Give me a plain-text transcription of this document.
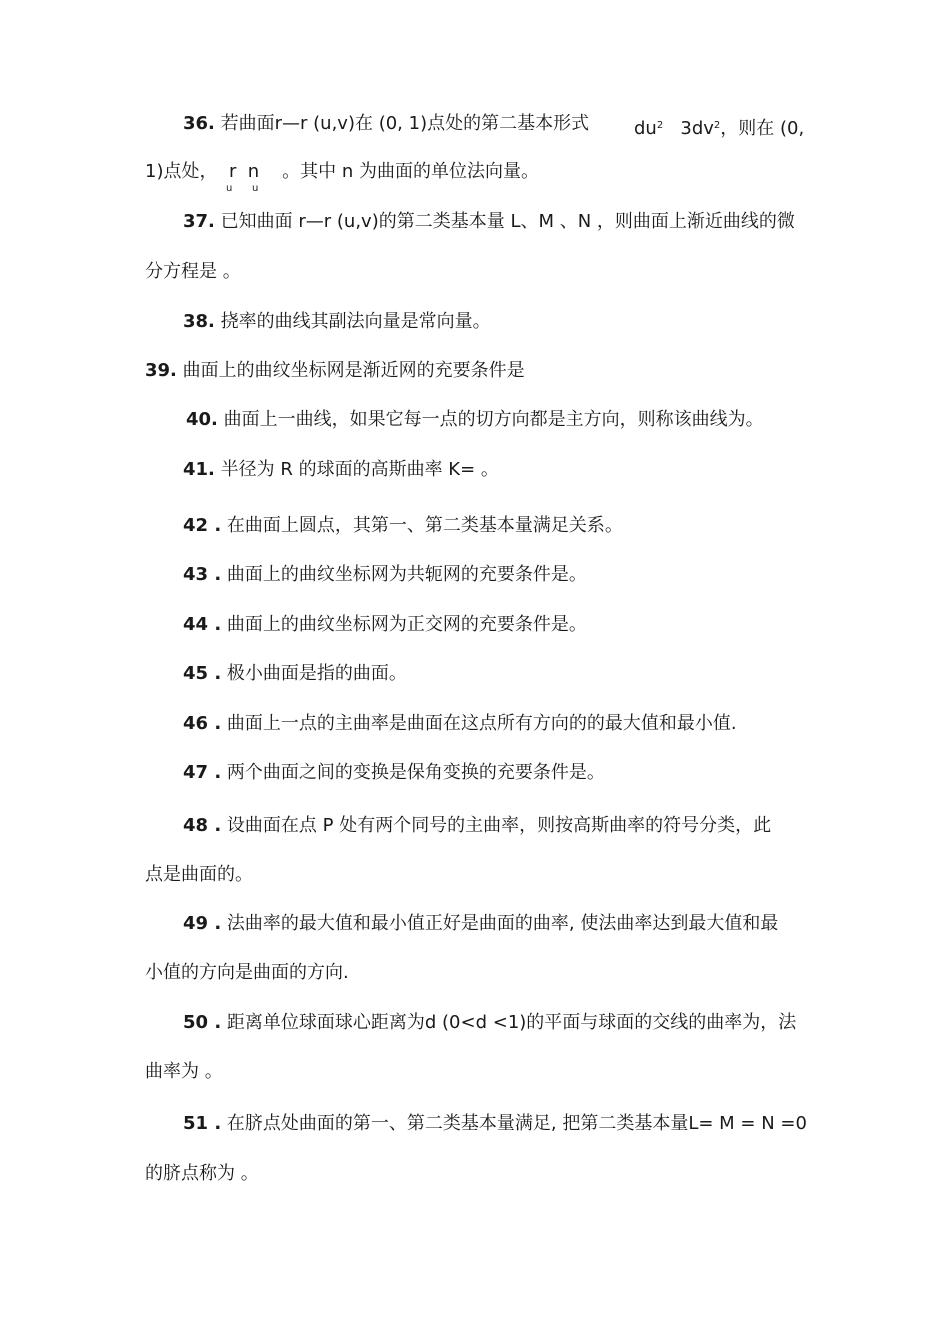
36. 若曲面r—r (u,v)在 (0, 1)点处的第二基本形式 $du^2$ $3dv^2$，则在 (0,
1)点处， r n 。其中 n 为曲面的单位法向量。
u u
37. 已知曲面 r—r (u,v)的第二类基本量 L、M 、N ，则曲面上渐近曲线的微
分方程是 。
38. 挠率的曲线其副法向量是常向量。
39. 曲面上的曲纹坐标网是渐近网的充要条件是
40. 曲面上一曲线，如果它每一点的切方向都是主方向，则称该曲线为。
41. 半径为 R 的球面的高斯曲率 K= 。
42 . 在曲面上圆点，其第一、第二类基本量满足关系。
43 . 曲面上的曲纹坐标网为共轭网的充要条件是。
44 . 曲面上的曲纹坐标网为正交网的充要条件是。
45 . 极小曲面是指的曲面。
46 . 曲面上一点的主曲率是曲面在这点所有方向的的最大值和最小值.
47 . 两个曲面之间的变换是保角变换的充要条件是。
48 . 设曲面在点 P 处有两个同号的主曲率，则按高斯曲率的符号分类，此
点是曲面的。
49 . 法曲率的最大值和最小值正好是曲面的曲率, 使法曲率达到最大值和最
小值的方向是曲面的方向.
50 . 距离单位球面球心距离为d (0<d <1)的平面与球面的交线的曲率为，法
曲率为 。
51 . 在脐点处曲面的第一、第二类基本量满足, 把第二类基本量L= M = N =0
的脐点称为 。
